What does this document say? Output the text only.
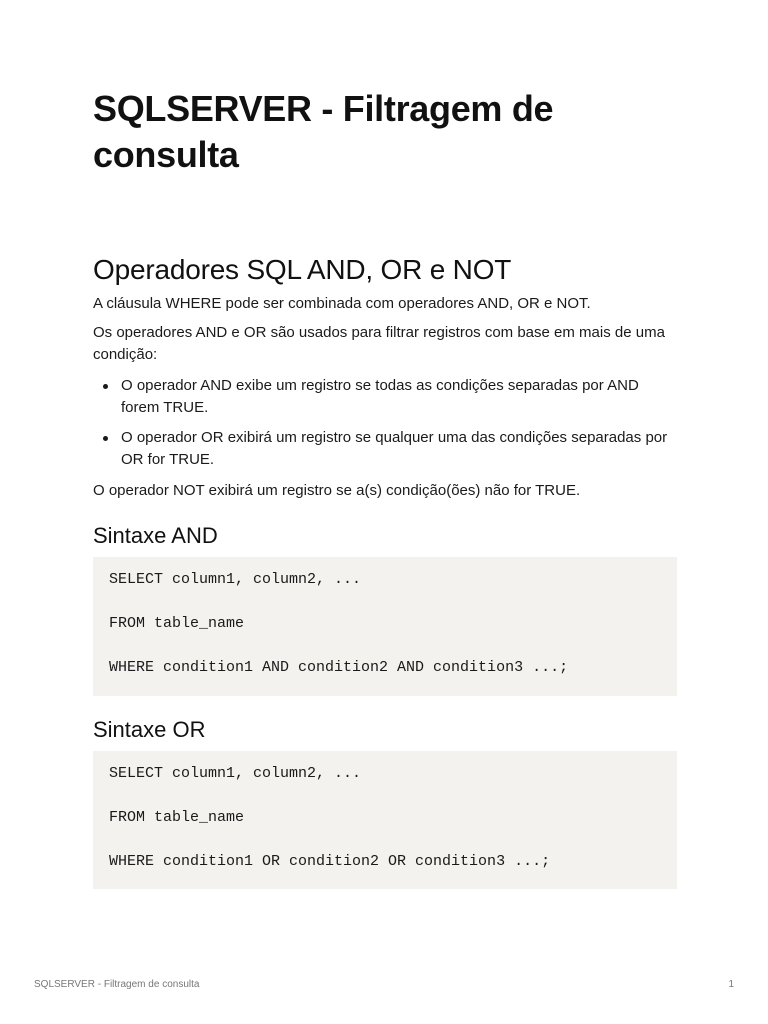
SQLSERVER - Filtragem de consulta
Operadores SQL AND, OR e NOT

A cláusula WHERE pode ser combinada com operadores AND, OR e NOT.

Os operadores AND e OR são usados para filtrar registros com base em mais de uma condição:

O operador AND exibe um registro se todas as condições separadas por AND forem TRUE.
O operador OR exibirá um registro se qualquer uma das condições separadas por OR for TRUE.

O operador NOT exibirá um registro se a(s) condição(ões) não for TRUE.

Sintaxe AND
SELECT column1, column2, ...
FROM table_name
WHERE condition1 AND condition2 AND condition3 ...;
Sintaxe OR
SELECT column1, column2, ...
FROM table_name
WHERE condition1 OR condition2 OR condition3 ...;
SQLSERVER - Filtragem de consulta	1
